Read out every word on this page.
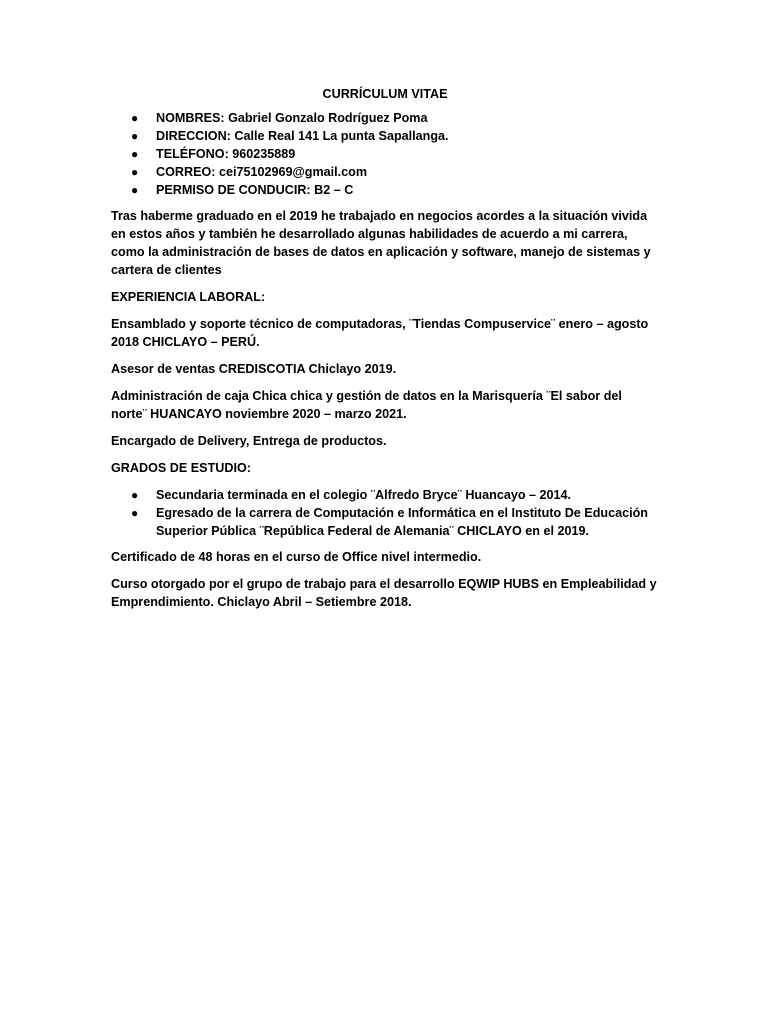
CURRÍCULUM VITAE
● NOMBRES: Gabriel Gonzalo Rodríguez Poma
● DIRECCION: Calle Real 141 La punta Sapallanga.
● TELÉFONO: 960235889
● CORREO: cei75102969@gmail.com
● PERMISO DE CONDUCIR: B2 – C

Tras haberme graduado en el 2019 he trabajado en negocios acordes a la situación vivida en estos años y también he desarrollado algunas habilidades de acuerdo a mi carrera, como la administración de bases de datos en aplicación y software, manejo de sistemas y cartera de clientes

EXPERIENCIA LABORAL:

Ensamblado y soporte técnico de computadoras, ¨Tiendas Compuservice¨ enero – agosto 2018 CHICLAYO – PERÚ.

Asesor de ventas CREDISCOTIA Chiclayo 2019.

Administración de caja Chica chica y gestión de datos en la Marisquería ¨El sabor del norte¨ HUANCAYO noviembre 2020 – marzo 2021.

Encargado de Delivery, Entrega de productos.

GRADOS DE ESTUDIO:

● Secundaria terminada en el colegio ¨Alfredo Bryce¨ Huancayo – 2014.
● Egresado de la carrera de Computación e Informática en el Instituto De Educación Superior Pública ¨República Federal de Alemania¨ CHICLAYO en el 2019.

Certificado de 48 horas en el curso de Office nivel intermedio.

Curso otorgado por el grupo de trabajo para el desarrollo EQWIP HUBS en Empleabilidad y Emprendimiento. Chiclayo Abril – Setiembre 2018.
